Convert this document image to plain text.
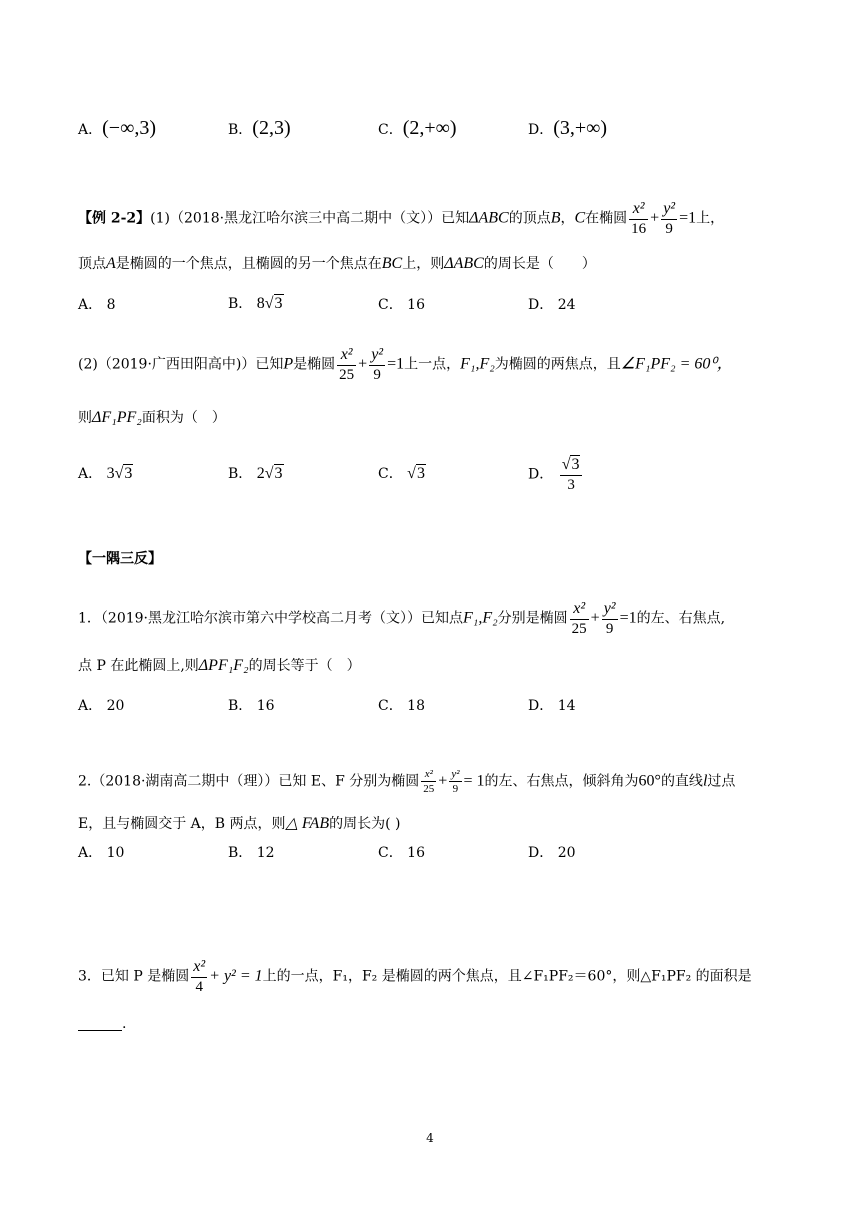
A．(−∞,3)	B．(2,3)	C．(2,+∞)	D．(3,+∞)
【例 2-2】(1)（2018·黑龙江哈尔滨三中高二期中（文））已知ΔABC的顶点B，C在椭圆 $\frac{\text{x²}}{16} + \frac{\text{y²}}{9} =1$上，
顶点A是椭圆的一个焦点，且椭圆的另一个焦点在BC上，则ΔABC的周长是（　　）
A． 8	B． 8√3	C． 16	D． 24
(2)（2019·广西田阳高中)）已知P是椭圆 $\frac{\text{x²}}{25} + \frac{\text{y²}}{9} =1$上一点，F₁,F₂为椭圆的两焦点，且∠F₁PF₂ = 60⁰，
则ΔF₁PF₂面积为（　）
A． 3√3	B． 2√3	C． √3	D． $\frac{√3}{3}$
【一隅三反】
1．（2019·黑龙江哈尔滨市第六中学校高二月考（文））已知点F₁,F₂分别是椭圆 $\frac{\text{x²}}{25} + \frac{\text{y²}}{9} =1$的左、右焦点,
点 P 在此椭圆上,则ΔPF₁F₂的周长等于（　）
A． 20	B． 16	C． 18	D． 14
2.（2018·湖南高二期中（理））已知 E、F 分别为椭圆 $\frac{\text{x²}}{25} + \frac{\text{y²}}{9} = 1$的左、右焦点，倾斜角为60°的直线l过点
E，且与椭圆交于 A，B 两点，则△ FAB的周长为( )
A． 10	B． 12	C． 16	D． 20
3．已知 P 是椭圆 $\frac{\text{x²}}{4} + y^2 = 1$上的一点，F₁，F₂ 是椭圆的两个焦点，且∠F₁PF₂＝60°，则△F₁PF₂ 的面积是
.
4
